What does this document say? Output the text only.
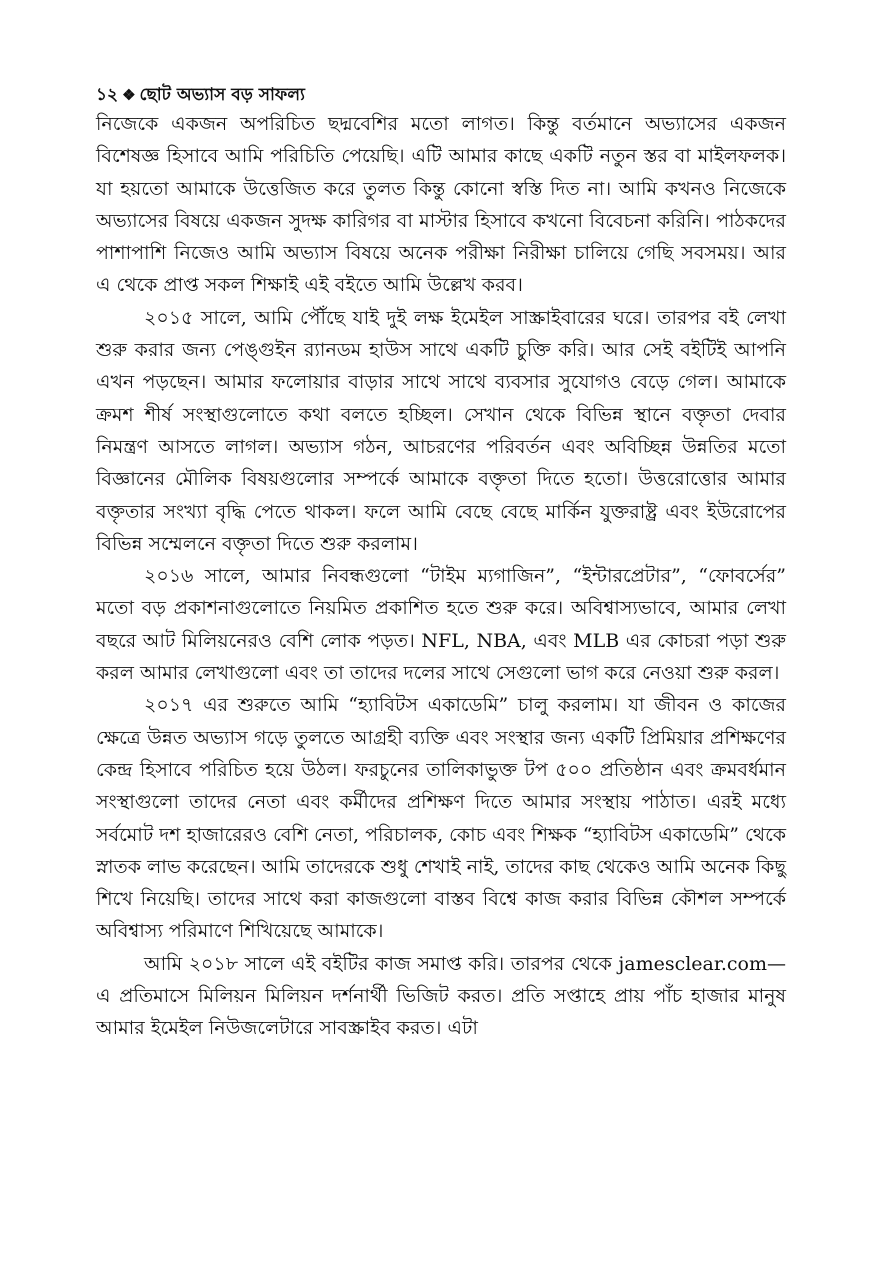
১২ ❖ ছোট অভ্যাস বড় সাফল্য

নিজেকে একজন অপরিচিত ছদ্মবেশির মতো লাগত। কিন্তু বর্তমানে অভ্যাসের একজন বিশেষজ্ঞ হিসাবে আমি পরিচিতি পেয়েছি। এটি আমার কাছে একটি নতুন স্তর বা মাইলফলক। যা হয়তো আমাকে উত্তেজিত করে তুলত কিন্তু কোনো স্বস্তি দিত না। আমি কখনও নিজেকে অভ্যাসের বিষয়ে একজন সুদক্ষ কারিগর বা মাস্টার হিসাবে কখনো বিবেচনা করিনি। পাঠকদের পাশাপাশি নিজেও আমি অভ্যাস বিষয়ে অনেক পরীক্ষা নিরীক্ষা চালিয়ে গেছি সবসময়। আর এ থেকে প্রাপ্ত সকল শিক্ষাই এই বইতে আমি উল্লেখ করব।

২০১৫ সালে, আমি পৌঁছে যাই দুই লক্ষ ইমেইল সাস্ক্রাইবারের ঘরে। তারপর বই লেখা শুরু করার জন্য পেঙ্গুইন র‍্যানডম হাউস সাথে একটি চুক্তি করি। আর সেই বইটিই আপনি এখন পড়ছেন। আমার ফলোয়ার বাড়ার সাথে সাথে ব্যবসার সুযোগও বেড়ে গেল। আমাকে ক্রমশ শীর্ষ সংস্থাগুলোতে কথা বলতে হচ্ছিল। সেখান থেকে বিভিন্ন স্থানে বক্তৃতা দেবার নিমন্ত্রণ আসতে লাগল। অভ্যাস গঠন, আচরণের পরিবর্তন এবং অবিচ্ছিন্ন উন্নতির মতো বিজ্ঞানের মৌলিক বিষয়গুলোর সম্পর্কে আমাকে বক্তৃতা দিতে হতো। উত্তরোত্তোর আমার বক্তৃতার সংখ্যা বৃদ্ধি পেতে থাকল। ফলে আমি বেছে বেছে মার্কিন যুক্তরাষ্ট্র এবং ইউরোপের বিভিন্ন সম্মেলনে বক্তৃতা দিতে শুরু করলাম।

২০১৬ সালে, আমার নিবন্ধগুলো “টাইম ম্যগাজিন”, “ইন্টারপ্রেটার”, “ফোবর্সের” মতো বড় প্রকাশনাগুলোতে নিয়মিত প্রকাশিত হতে শুরু করে। অবিশ্বাস্যভাবে, আমার লেখা বছরে আট মিলিয়নেরও বেশি লোক পড়ত। NFL, NBA, এবং MLB এর কোচরা পড়া শুরু করল আমার লেখাগুলো এবং তা তাদের দলের সাথে সেগুলো ভাগ করে নেওয়া শুরু করল।

২০১৭ এর শুরুতে আমি “হ্যাবিটস একাডেমি” চালু করলাম। যা জীবন ও কাজের ক্ষেত্রে উন্নত অভ্যাস গড়ে তুলতে আগ্রহী ব্যক্তি এবং সংস্থার জন্য একটি প্রিমিয়ার প্রশিক্ষণের কেন্দ্র হিসাবে পরিচিত হয়ে উঠল। ফরচুনের তালিকাভুক্ত টপ ৫০০ প্রতিষ্ঠান এবং ক্রমবর্ধমান সংস্থাগুলো তাদের নেতা এবং কর্মীদের প্রশিক্ষণ দিতে আমার সংস্থায় পাঠাত। এরই মধ্যে সর্বমোট দশ হাজারেরও বেশি নেতা, পরিচালক, কোচ এবং শিক্ষক “হ্যাবিটস একাডেমি” থেকে স্নাতক লাভ করেছেন। আমি তাদেরকে শুধু শেখাই নাই, তাদের কাছ থেকেও আমি অনেক কিছু শিখে নিয়েছি। তাদের সাথে করা কাজগুলো বাস্তব বিশ্বে কাজ করার বিভিন্ন কৌশল সম্পর্কে অবিশ্বাস্য পরিমাণে শিখিয়েছে আমাকে।

আমি ২০১৮ সালে এই বইটির কাজ সমাপ্ত করি। তারপর থেকে jamesclear.com—এ প্রতিমাসে মিলিয়ন মিলিয়ন দর্শনার্থী ভিজিট করত। প্রতি সপ্তাহে প্রায় পাঁচ হাজার মানুষ আমার ইমেইল নিউজলেটারে সাবস্ক্রাইব করত। এটা
